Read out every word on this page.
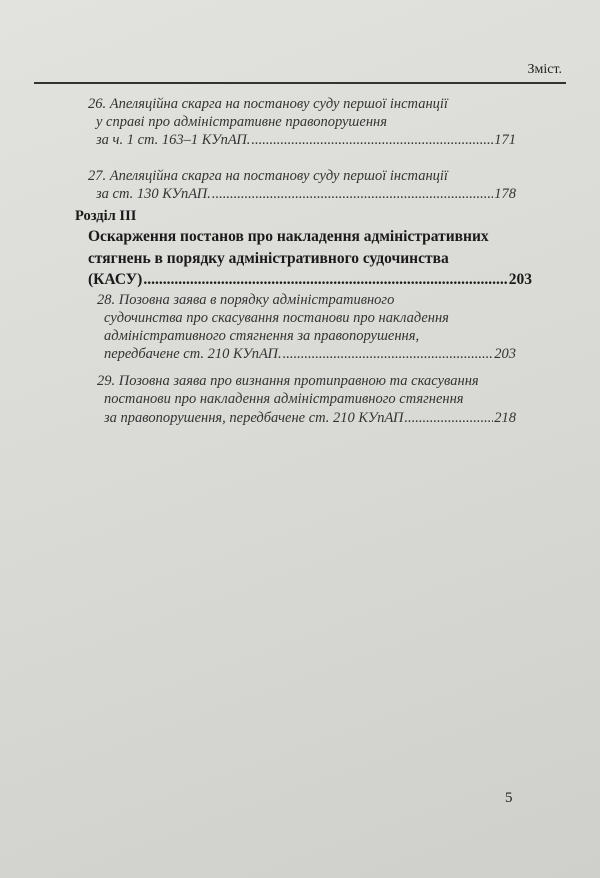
Зміст.
26. Апеляційна скарга на постанову суду першої інстанції
у справі про адміністративне правопорушення
за ч. 1 ст. 163–1 КУпАП. .....	171
27. Апеляційна скарга на постанову суду першої інстанції
за ст. 130 КУпАП. .....	178
Розділ ІІІ
Оскарження постанов про накладення адміністративних
стягнень в порядку адміністративного судочинства
(КАСУ) .....	203
28. Позовна заява в порядку адміністративного
судочинства про скасування постанови про накладення
адміністративного стягнення за правопорушення,
передбачене ст. 210 КУпАП. .....	203
29. Позовна заява про визнання протиправною та скасування
постанови про накладення адміністративного стягнення
за правопорушення, передбачене ст. 210 КУпАП .....	218
5
